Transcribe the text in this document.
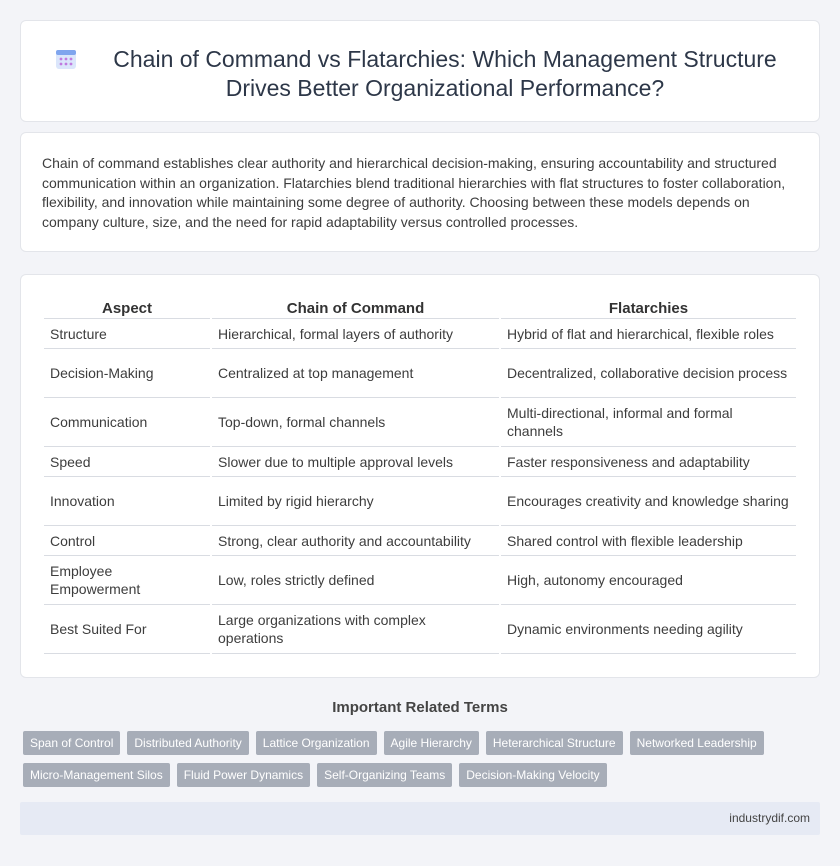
Chain of Command vs Flatarchies: Which Management Structure Drives Better Organizational Performance?

Chain of command establishes clear authority and hierarchical decision-making, ensuring accountability and structured communication within an organization. Flatarchies blend traditional hierarchies with flat structures to foster collaboration, flexibility, and innovation while maintaining some degree of authority. Choosing between these models depends on company culture, size, and the need for rapid adaptability versus controlled processes.

Aspect	Chain of Command	Flatarchies
Structure	Hierarchical, formal layers of authority	Hybrid of flat and hierarchical, flexible roles
Decision-Making	Centralized at top management	Decentralized, collaborative decision process
Communication	Top-down, formal channels	Multi-directional, informal and formal channels
Speed	Slower due to multiple approval levels	Faster responsiveness and adaptability
Innovation	Limited by rigid hierarchy	Encourages creativity and knowledge sharing
Control	Strong, clear authority and accountability	Shared control with flexible leadership
Employee Empowerment	Low, roles strictly defined	High, autonomy encouraged
Best Suited For	Large organizations with complex operations	Dynamic environments needing agility
Important Related Terms
Span of Control	Distributed Authority	Lattice Organization	Agile Hierarchy	Heterarchical Structure	Networked Leadership
Micro-Management Silos	Fluid Power Dynamics	Self-Organizing Teams	Decision-Making Velocity
industrydif.com
